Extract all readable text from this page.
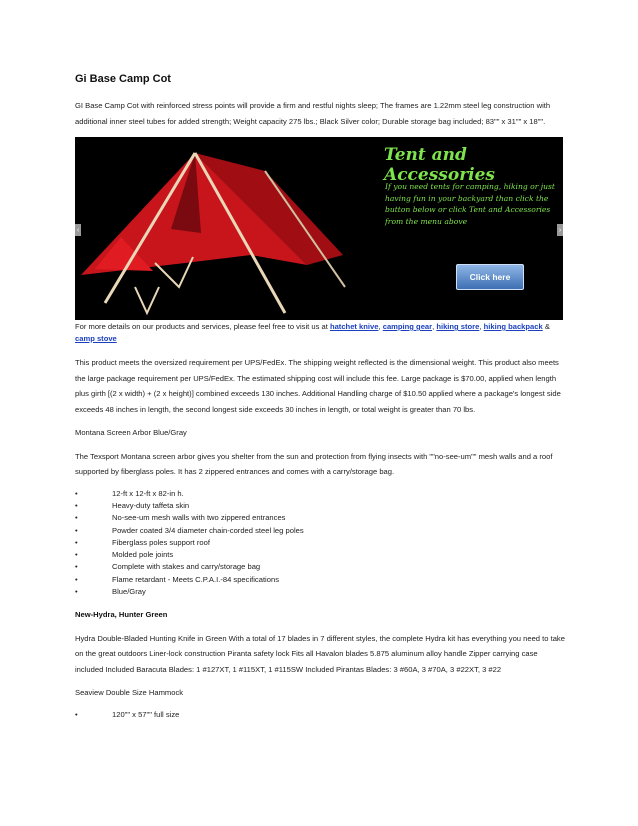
Gi Base Camp Cot

GI Base Camp Cot with reinforced stress points will provide a firm and restful nights sleep; The frames are 1.22mm steel leg construction with additional inner steel tubes for added strength; Weight capacity 275 lbs.; Black Silver color; Durable storage bag included; 83"" x 31"" x 18"".

Tent and Accessories
If you need tents for camping, hiking or just having fun in your backyard than click the button below or click Tent and Accessories from the menu above
Click here
‹	›

For more details on our products and services, please feel free to visit us at hatchet knive, camping gear, hiking store, hiking backpack & camp stove

This product meets the oversized requirement per UPS/FedEx. The shipping weight reflected is the dimensional weight. This product also meets the large package requirement per UPS/FedEx. The estimated shipping cost will include this fee. Large package is $70.00, applied when length plus girth [(2 x width) + (2 x height)] combined exceeds 130 inches. Additional Handling charge of $10.50 applied where a package's longest side exceeds 48 inches in length, the second longest side exceeds 30 inches in length, or total weight is greater than 70 lbs.

Montana Screen Arbor Blue/Gray

The Texsport Montana screen arbor gives you shelter from the sun and protection from flying insects with ""no-see-um"" mesh walls and a roof supported by fiberglass poles. It has 2 zippered entrances and comes with a carry/storage bag.

•	12-ft x 12-ft x 82-in h.
•	Heavy-duty taffeta skin
•	No-see-um mesh walls with two zippered entrances
•	Powder coated 3/4 diameter chain-corded steel leg poles
•	Fiberglass poles support roof
•	Molded pole joints
•	Complete with stakes and carry/storage bag
•	Flame retardant - Meets C.P.A.I.-84 specifications
•	Blue/Gray

New-Hydra, Hunter Green

Hydra Double-Bladed Hunting Knife in Green With a total of 17 blades in 7 different styles, the complete Hydra kit has everything you need to take on the great outdoors Liner-lock construction Piranta safety lock Fits all Havalon blades 5.875 aluminum alloy handle Zipper carrying case included Included Baracuta Blades: 1 #127XT, 1 #115XT, 1 #115SW Included Pirantas Blades: 3 #60A, 3 #70A, 3 #22XT, 3 #22

Seaview Double Size Hammock

•	120"" x 57"" full size
